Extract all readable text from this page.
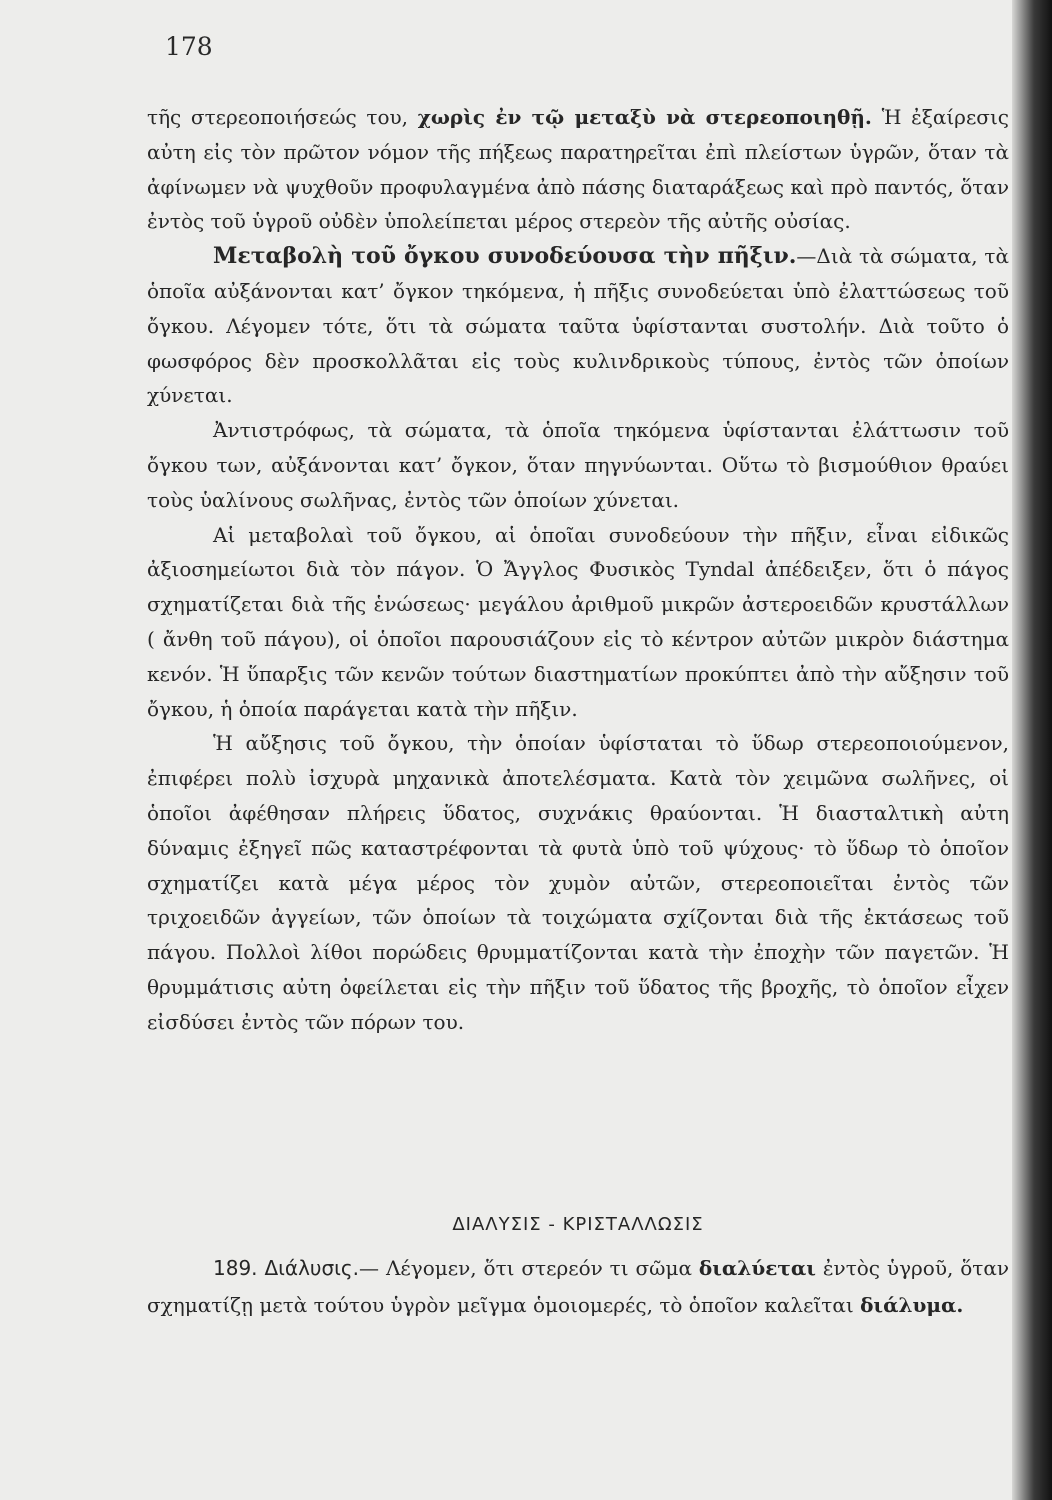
178

τῆς στερεοποιήσεώς του, χωρὶς ἐν τῷ μεταξὺ νὰ στερεοποιηθῇ. Ἡ ἐξαίρεσις αὐτη εἰς τὸν πρῶτον νόμον τῆς πήξεως παρατηρεῖται ἐπὶ πλείστων ὑγρῶν, ὅταν τὰ ἀφίνωμεν νὰ ψυχθοῦν προφυλαγμένα ἀπὸ πάσης διαταράξεως καὶ πρὸ παντός, ὅταν ἐντὸς τοῦ ὑγροῦ οὐδὲν ὑπολείπεται μέρος στερεὸν τῆς αὐτῆς οὐσίας.

Μεταβολὴ τοῦ ὄγκου συνοδεύουσα τὴν πῆξιν.—Διὰ τὰ σώματα, τὰ ὁποῖα αὐξάνονται κατ’ ὄγκον τηκόμενα, ἡ πῆξις συνοδεύεται ὑπὸ ἐλαττώσεως τοῦ ὄγκου. Λέγομεν τότε, ὅτι τὰ σώματα ταῦτα ὑφίστανται συστολήν. Διὰ τοῦτο ὁ φωσφόρος δὲν προσκολλᾶται εἰς τοὺς κυλινδρικοὺς τύπους, ἐντὸς τῶν ὁποίων χύνεται.

Ἀντιστρόφως, τὰ σώματα, τὰ ὁποῖα τηκόμενα ὑφίστανται ἐλάττωσιν τοῦ ὄγκου των, αὐξάνονται κατ’ ὄγκον, ὅταν πηγνύωνται. Οὕτω τὸ βισμούθιον θραύει τοὺς ὑαλίνους σωλῆνας, ἐντὸς τῶν ὁποίων χύνεται.

Αἱ μεταβολαὶ τοῦ ὄγκου, αἱ ὁποῖαι συνοδεύουν τὴν πῆξιν, εἶναι εἰδικῶς ἀξιοσημείωτοι διὰ τὸν πάγον. Ὁ Ἄγγλος Φυσικὸς Tyndal ἀπέδειξεν, ὅτι ὁ πάγος σχηματίζεται διὰ τῆς ἑνώσεως· μεγάλου ἀριθμοῦ μικρῶν ἀστεροειδῶν κρυστάλλων ( ἄνθη τοῦ πάγου), οἱ ὁποῖοι παρουσιάζουν εἰς τὸ κέντρον αὐτῶν μικρὸν διάστημα κενόν. Ἡ ὕπαρξις τῶν κενῶν τούτων διαστηματίων προκύπτει ἀπὸ τὴν αὔξησιν τοῦ ὄγκου, ἡ ὁποία παράγεται κατὰ τὴν πῆξιν.

Ἡ αὔξησις τοῦ ὄγκου, τὴν ὁποίαν ὑφίσταται τὸ ὕδωρ στερεοποιούμενον, ἐπιφέρει πολὺ ἰσχυρὰ μηχανικὰ ἀποτελέσματα. Κατὰ τὸν χειμῶνα σωλῆνες, οἱ ὁποῖοι ἀφέθησαν πλήρεις ὕδατος, συχνάκις θραύονται. Ἡ διασταλτικὴ αὐτη δύναμις ἐξηγεῖ πῶς καταστρέφονται τὰ φυτὰ ὑπὸ τοῦ ψύχους· τὸ ὕδωρ τὸ ὁποῖον σχηματίζει κατὰ μέγα μέρος τὸν χυμὸν αὐτῶν, στερεοποιεῖται ἐντὸς τῶν τριχοειδῶν ἀγγείων, τῶν ὁποίων τὰ τοιχώματα σχίζονται διὰ τῆς ἐκτάσεως τοῦ πάγου. Πολλοὶ λίθοι πορώδεις θρυμματίζονται κατὰ τὴν ἐποχὴν τῶν παγετῶν. Ἡ θρυμμάτισις αὐτη ὀφείλεται εἰς τὴν πῆξιν τοῦ ὕδατος τῆς βροχῆς, τὸ ὁποῖον εἶχεν εἰσδύσει ἐντὸς τῶν πόρων του.

ΔΙΑΛΥΣΙΣ - ΚΡΙΣΤΑΛΛΩΣΙΣ

189. Διάλυσις.— Λέγομεν, ὅτι στερεόν τι σῶμα διαλύεται ἐντὸς ὑγροῦ, ὅταν σχηματίζῃ μετὰ τούτου ὑγρὸν μεῖγμα ὁμοιομερές, τὸ ὁποῖον καλεῖται διάλυμα.
